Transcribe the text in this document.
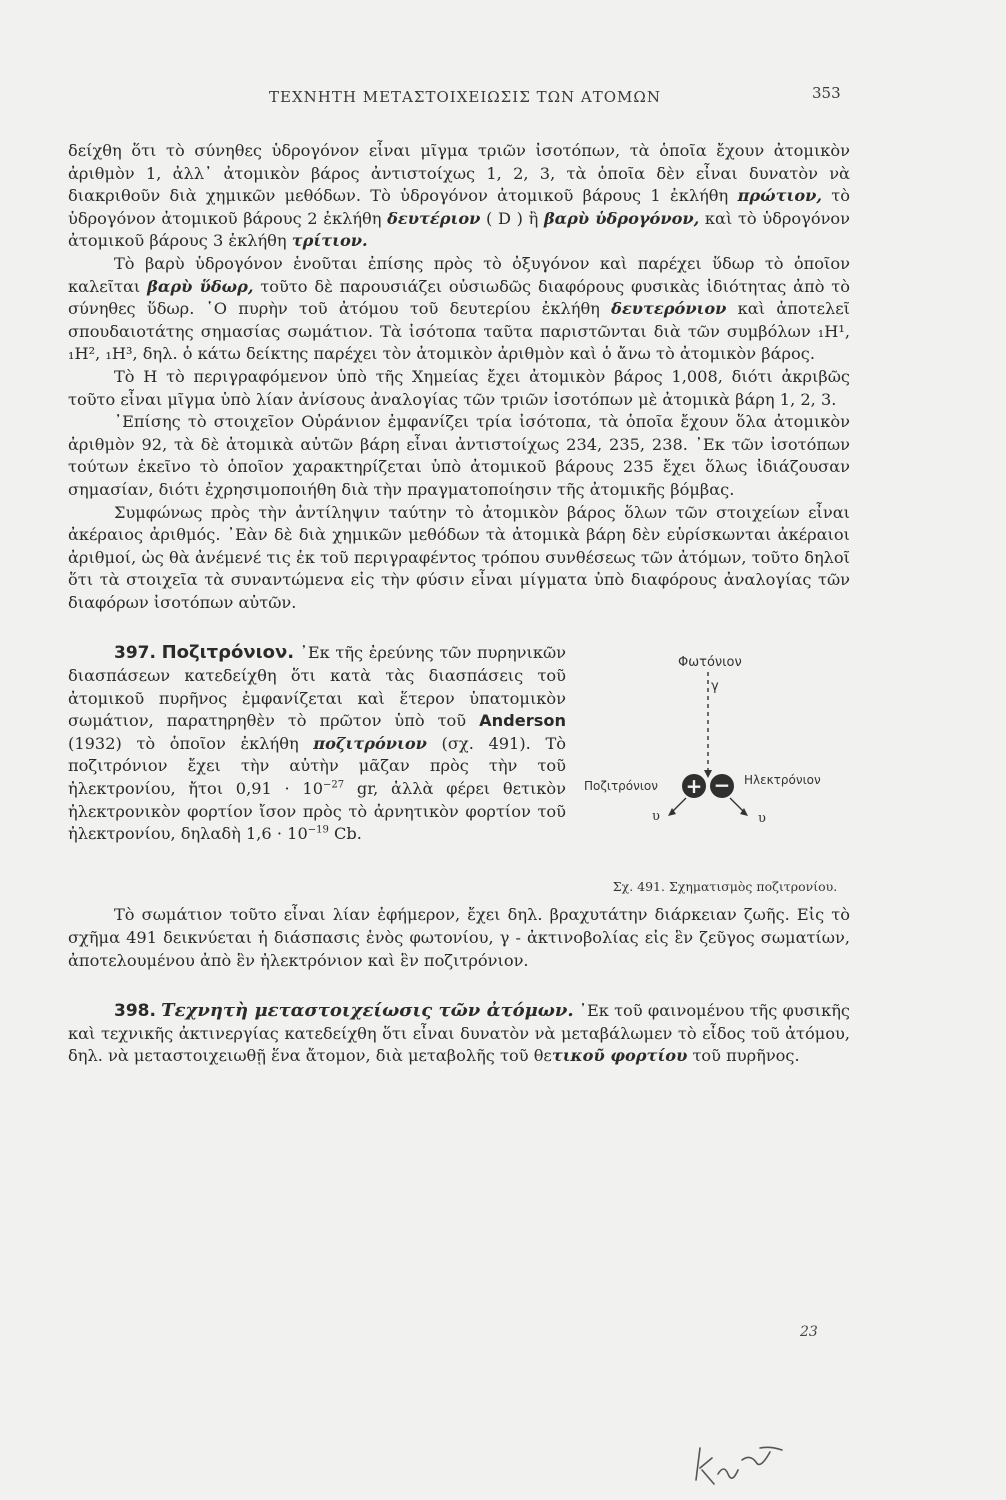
ΤΕΧΝΗΤΗ ΜΕΤΑΣΤΟΙΧΕΙΩΣΙΣ ΤΩΝ ΑΤΟΜΩΝ	353

δείχθη ὅτι τὸ σύνηθες ὑδρογόνον εἶναι μῖγμα τριῶν ἰσοτόπων, τὰ ὁποῖα ἔχουν ἀτομικὸν ἀριθμὸν 1, ἀλλ᾿ ἀτομικὸν βάρος ἀντιστοίχως 1, 2, 3, τὰ ὁποῖα δὲν εἶναι δυνατὸν νὰ διακριθοῦν διὰ χημικῶν μεθόδων. Τὸ ὑδρογόνον ἀτομικοῦ βάρους 1 ἐκλήθη πρώτιον, τὸ ὑδρογόνον ἀτομικοῦ βάρους 2 ἐκλήθη δευτέριον ( D ) ἢ βαρὺ ὑδρογόνον, καὶ τὸ ὑδρογόνον ἀτομικοῦ βάρους 3 ἐκλήθη τρίτιον.

Τὸ βαρὺ ὑδρογόνον ἑνοῦται ἐπίσης πρὸς τὸ ὀξυγόνον καὶ παρέχει ὕδωρ τὸ ὁποῖον καλεῖται βαρὺ ὕδωρ, τοῦτο δὲ παρουσιάζει οὐσιωδῶς διαφόρους φυσικὰς ἰδιότητας ἀπὸ τὸ σύνηθες ὕδωρ. ῾Ο πυρὴν τοῦ ἀτόμου τοῦ δευτερίου ἐκλήθη δευτερόνιον καὶ ἀποτελεῖ σπουδαιοτάτης σημασίας σωμάτιον. Τὰ ἰσότοπα ταῦτα παριστῶνται διὰ τῶν συμβόλων ₁H¹, ₁H², ₁H³, δηλ. ὁ κάτω δείκτης παρέχει τὸν ἀτομικὸν ἀριθμὸν καὶ ὁ ἄνω τὸ ἀτομικὸν βάρος.

Τὸ H τὸ περιγραφόμενον ὑπὸ τῆς Χημείας ἔχει ἀτομικὸν βάρος 1,008, διότι ἀκριβῶς τοῦτο εἶναι μῖγμα ὑπὸ λίαν ἀνίσους ἀναλογίας τῶν τριῶν ἰσοτόπων μὲ ἀτομικὰ βάρη 1, 2, 3.

᾿Επίσης τὸ στοιχεῖον Οὐράνιον ἐμφανίζει τρία ἰσότοπα, τὰ ὁποῖα ἔχουν ὅλα ἀτομικὸν ἀριθμὸν 92, τὰ δὲ ἀτομικὰ αὐτῶν βάρη εἶναι ἀντιστοίχως 234, 235, 238. ᾿Εκ τῶν ἰσοτόπων τούτων ἐκεῖνο τὸ ὁποῖον χαρακτηρίζεται ὑπὸ ἀτομικοῦ βάρους 235 ἔχει ὅλως ἰδιάζουσαν σημασίαν, διότι ἐχρησιμοποιήθη διὰ τὴν πραγματοποίησιν τῆς ἀτομικῆς βόμβας.

Συμφώνως πρὸς τὴν ἀντίληψιν ταύτην τὸ ἀτομικὸν βάρος ὅλων τῶν στοιχείων εἶναι ἀκέραιος ἀριθμός. ᾿Εὰν δὲ διὰ χημικῶν μεθόδων τὰ ἀτομικὰ βάρη δὲν εὑρίσκωνται ἀκέραιοι ἀριθμοί, ὡς θὰ ἀνέμενέ τις ἐκ τοῦ περιγραφέντος τρόπου συνθέσεως τῶν ἀτόμων, τοῦτο δηλοῖ ὅτι τὰ στοιχεῖα τὰ συναντώμενα εἰς τὴν φύσιν εἶναι μίγματα ὑπὸ διαφόρους ἀναλογίας τῶν διαφόρων ἰσοτόπων αὐτῶν.

Φωτόνιον
γ
Ποζιτρόνιον	Ηλεκτρόνιον
+ −
υ	υ
Σχ. 491. Σχηματισμὸς ποζιτρονίου.

397. Ποζιτρόνιον. ᾿Εκ τῆς ἐρεύνης τῶν πυρηνικῶν διασπάσεων κατεδείχθη ὅτι κατὰ τὰς διασπάσεις τοῦ ἀτομικοῦ πυρῆνος ἐμφανίζεται καὶ ἕτερον ὑπατομικὸν σωμάτιον, παρατηρηθὲν τὸ πρῶτον ὑπὸ τοῦ Anderson (1932) τὸ ὁποῖον ἐκλήθη ποζιτρόνιον (σχ. 491). Τὸ ποζιτρόνιον ἔχει τὴν αὐτὴν μᾶζαν πρὸς τὴν τοῦ ἠλεκτρονίου, ἤτοι $0,91 \cdot 10^{-27}$ gr, ἀλλὰ φέρει θετικὸν ἠλεκτρονικὸν φορτίον ἴσον πρὸς τὸ ἀρνητικὸν φορτίον τοῦ ἠλεκτρονίου, δηλαδὴ $1,6 \cdot 10^{-19}$ Cb.

Τὸ σωμάτιον τοῦτο εἶναι λίαν ἐφήμερον, ἔχει δηλ. βραχυτάτην διάρκειαν ζωῆς. Εἰς τὸ σχῆμα 491 δεικνύεται ἡ διάσπασις ἑνὸς φωτονίου, γ - ἀκτινοβολίας εἰς ἓν ζεῦγος σωματίων, ἀποτελουμένου ἀπὸ ἓν ἠλεκτρόνιον καὶ ἓν ποζιτρόνιον.

398. Τεχνητὴ μεταστοιχείωσις τῶν ἀτόμων. ᾿Εκ τοῦ φαινομένου τῆς φυσικῆς καὶ τεχνικῆς ἀκτινεργίας κατεδείχθη ὅτι εἶναι δυνατὸν νὰ μεταβάλωμεν τὸ εἶδος τοῦ ἀτόμου, δηλ. νὰ μεταστοιχειωθῇ ἕνα ἄτομον, διὰ μεταβολῆς τοῦ θετικοῦ φορτίου τοῦ πυρῆνος.

23
